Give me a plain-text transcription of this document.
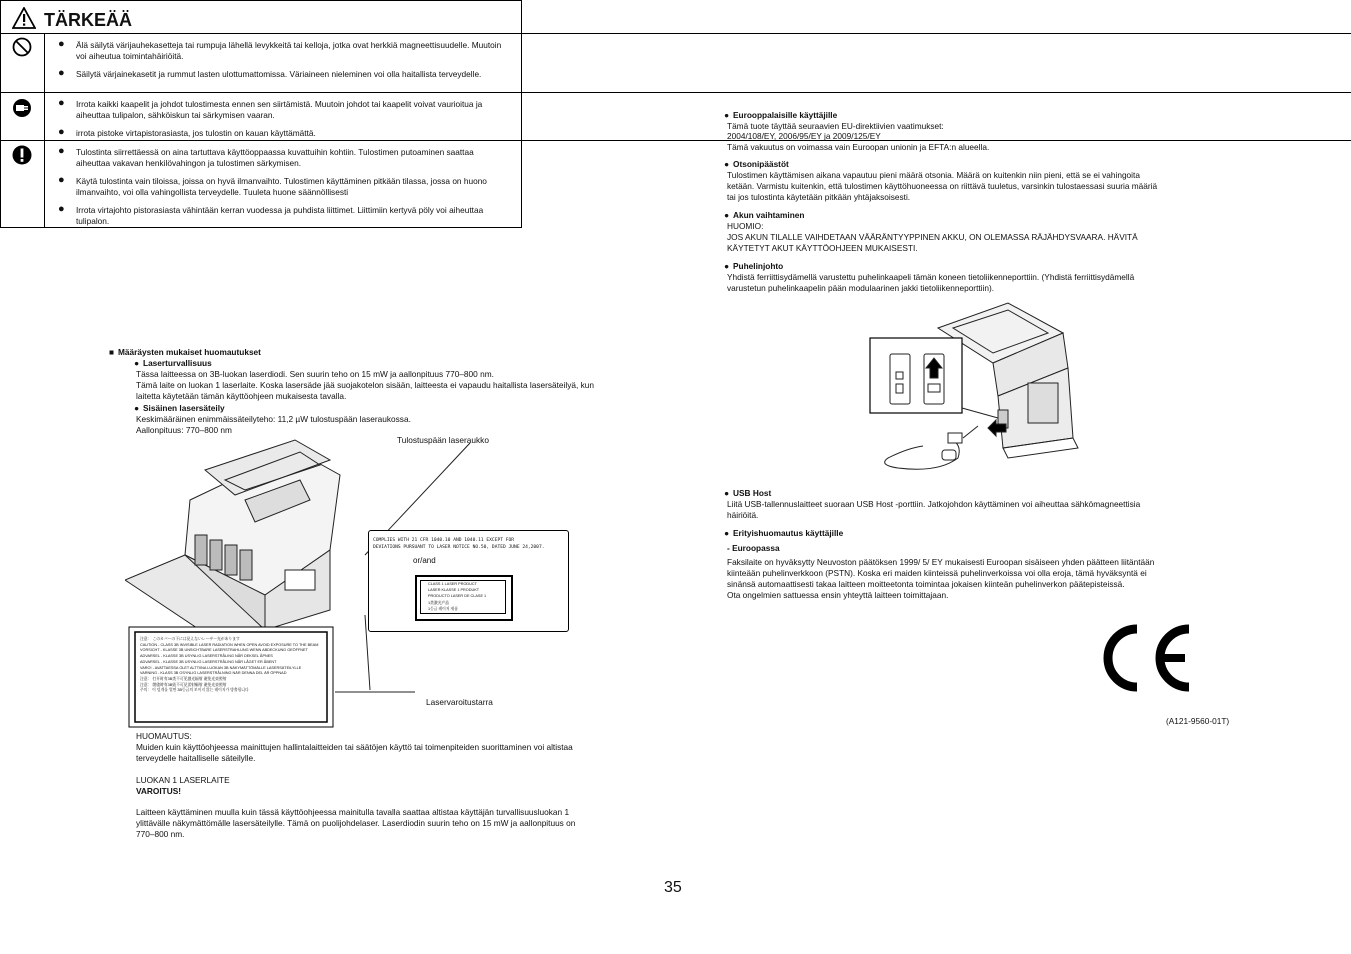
TÄRKEÄÄ
● Älä säilytä värijauhekasetteja tai rumpuja lähellä levykkeitä tai kelloja, jotka ovat herkkiä magneettisuudelle. Muutoin voi aiheutua toimintahäiriöitä.
● Säilytä värjainekasetit ja rummut lasten ulottumattomissa. Väriaineen nieleminen voi olla haitallista terveydelle.
● Irrota kaikki kaapelit ja johdot tulostimesta ennen sen siirtämistä. Muutoin johdot tai kaapelit voivat vaurioitua ja aiheuttaa tulipalon, sähköiskun tai särkymisen vaaran.
● irrota pistoke virtapistorasiasta, jos tulostin on kauan käyttämättä.
● Tulostinta siirrettäessä on aina tartuttava käyttöoppaassa kuvattuihin kohtiin. Tulostimen putoaminen saattaa aiheuttaa vakavan henkilövahingon ja tulostimen särkymisen.
● Käytä tulostinta vain tiloissa, joissa on hyvä ilmanvaihto. Tulostimen käyttäminen pitkään tilassa, jossa on huono ilmanvaihto, voi olla vahingollista terveydelle. Tuuleta huone säännöllisesti
● Irrota virtajohto pistorasiasta vähintään kerran vuodessa ja puhdista liittimet. Liittimiin kertyvä pöly voi aiheuttaa tulipalon.
■ Määräysten mukaiset huomautukset
● Laserturvallisuus
Tässa laitteessa on 3B-luokan laserdiodi. Sen suurin teho on 15 mW ja aallonpituus 770–800 nm.
Tämä laite on luokan 1 laserlaite. Koska lasersäde jää suojakotelon sisään, laitteesta ei vapaudu haitallista lasersäteilyä, kun
laitetta käytetään tämän käyttöohjeen mukaisesta tavalla.
● Sisäinen lasersäteily
Keskimääräinen enimmäissäteilyteho: 11,2 µW tulostuspään laseraukossa.
Aallonpituus: 770–800 nm
Tulostuspään laseraukko
注意： このカバーの下には見えないレーザー光があります
CAUTION - CLASS 3B INVISIBLE LASER RADIATION WHEN OPEN AVOID EXPOSURE TO THE BEAM
VORSICHT - KLASSE 3B UNSICHTBARE LASERSTRAHLUNG WENN ABDECKUNG GEÖFFNET
ADVARSEL - KLASSE 3B USYNLIG LASERSTRÅLING NÅR DEKSEL ÅPNES
ADVARSEL - KLASSE 3B USYNLIG LASERSTRÅLING NÅR LÅGET ER ÅBENT
VARO! - AVATTAESSA OLET ALTTIINA LUOKAN 3B NÄKYMÄTTÖMÄLLE LASERSÄTEILYLLE
VARNING - KLASS 3B OSYNLIG LASERSTRÅLNING NÄR DENNA DEL ÄR ÖPPNAD
注意： 打开时有3B类不可见激光辐射 避免光束照射
注意： 開啟時有3B級不可見雷射輻射 避免光束照射
주의： 이 덮개를 열면 3B등급의 보이지 않는 레이저가 방출됩니다
COMPLIES WITH 21 CFR 1040.10 AND 1040.11 EXCEPT FOR
DEVIATIONS PURSUANT TO LASER NOTICE NO.50, DATED JUNE 24,2007.
or/and
CLASS 1 LASER PRODUCT
LASER KLASSE 1 PRODUKT
PRODUCTO LASER DE CLASE 1
1类激光产品
1등급 레이저 제품
Laservaroitustarra
HUOMAUTUS:
Muiden kuin käyttöohjeessa mainittujen hallintalaitteiden tai säätöjen käyttö tai toimenpiteiden suorittaminen voi altistaa
terveydelle haitalliselle säteilylle.
LUOKAN 1 LASERLAITE
VAROITUS!
Laitteen käyttäminen muulla kuin tässä käyttöohjeessa mainitulla tavalla saattaa altistaa käyttäjän turvallisuusluokan 1
ylittävälle näkymättömälle lasersäteilylle. Tämä on puolijohdelaser. Laserdiodin suurin teho on 15 mW ja aallonpituus on
770–800 nm.
● Eurooppalaisille käyttäjille
Tämä tuote täyttää seuraavien EU-direktiivien vaatimukset:
2004/108/EY, 2006/95/EY ja 2009/125/EY
Tämä vakuutus on voimassa vain Euroopan unionin ja EFTA:n alueella.
● Otsonipäästöt
Tulostimen käyttämisen aikana vapautuu pieni määrä otsonia. Määrä on kuitenkin niin pieni, että se ei vahingoita
ketään. Varmistu kuitenkin, että tulostimen käyttöhuoneessa on riittävä tuuletus, varsinkin tulostaessasi suuria määriä
tai jos tulostinta käytetään pitkään yhtäjaksoisesti.
● Akun vaihtaminen
HUOMIO:
JOS AKUN TILALLE VAIHDETAAN VÄÄRÄNTYYPPINEN AKKU, ON OLEMASSA RÄJÄHDYSVAARA. HÄVITÄ
KÄYTETYT AKUT KÄYTTÖOHJEEN MUKAISESTI.
● Puhelinjohto
Yhdistä ferriittisydämellä varustettu puhelinkaapeli tämän koneen tietoliikenneporttiin. (Yhdistä ferriittisydämellä
varustetun puhelinkaapelin pään modulaarinen jakki tietoliikenneporttiin).
● USB Host
Liitä USB-tallennuslaitteet suoraan USB Host -porttiin. Jatkojohdon käyttäminen voi aiheuttaa sähkömagneettisia
häiriöitä.
● Erityishuomautus käyttäjille
- Euroopassa
Faksilaite on hyväksytty Neuvoston päätöksen 1999/ 5/ EY mukaisesti Euroopan sisäiseen yhden päätteen liitäntään
kiinteään puhelinverkkoon (PSTN). Koska eri maiden kiinteissä puhelinverkoissa voi olla eroja, tämä hyväksyntä ei
sinänsä automaattisesti takaa laitteen moitteetonta toimintaa jokaisen kiinteän puhelinverkon päätepisteissä.
Ota ongelmien sattuessa ensin yhteyttä laitteen toimittajaan.
(A121-9560-01T)
35
